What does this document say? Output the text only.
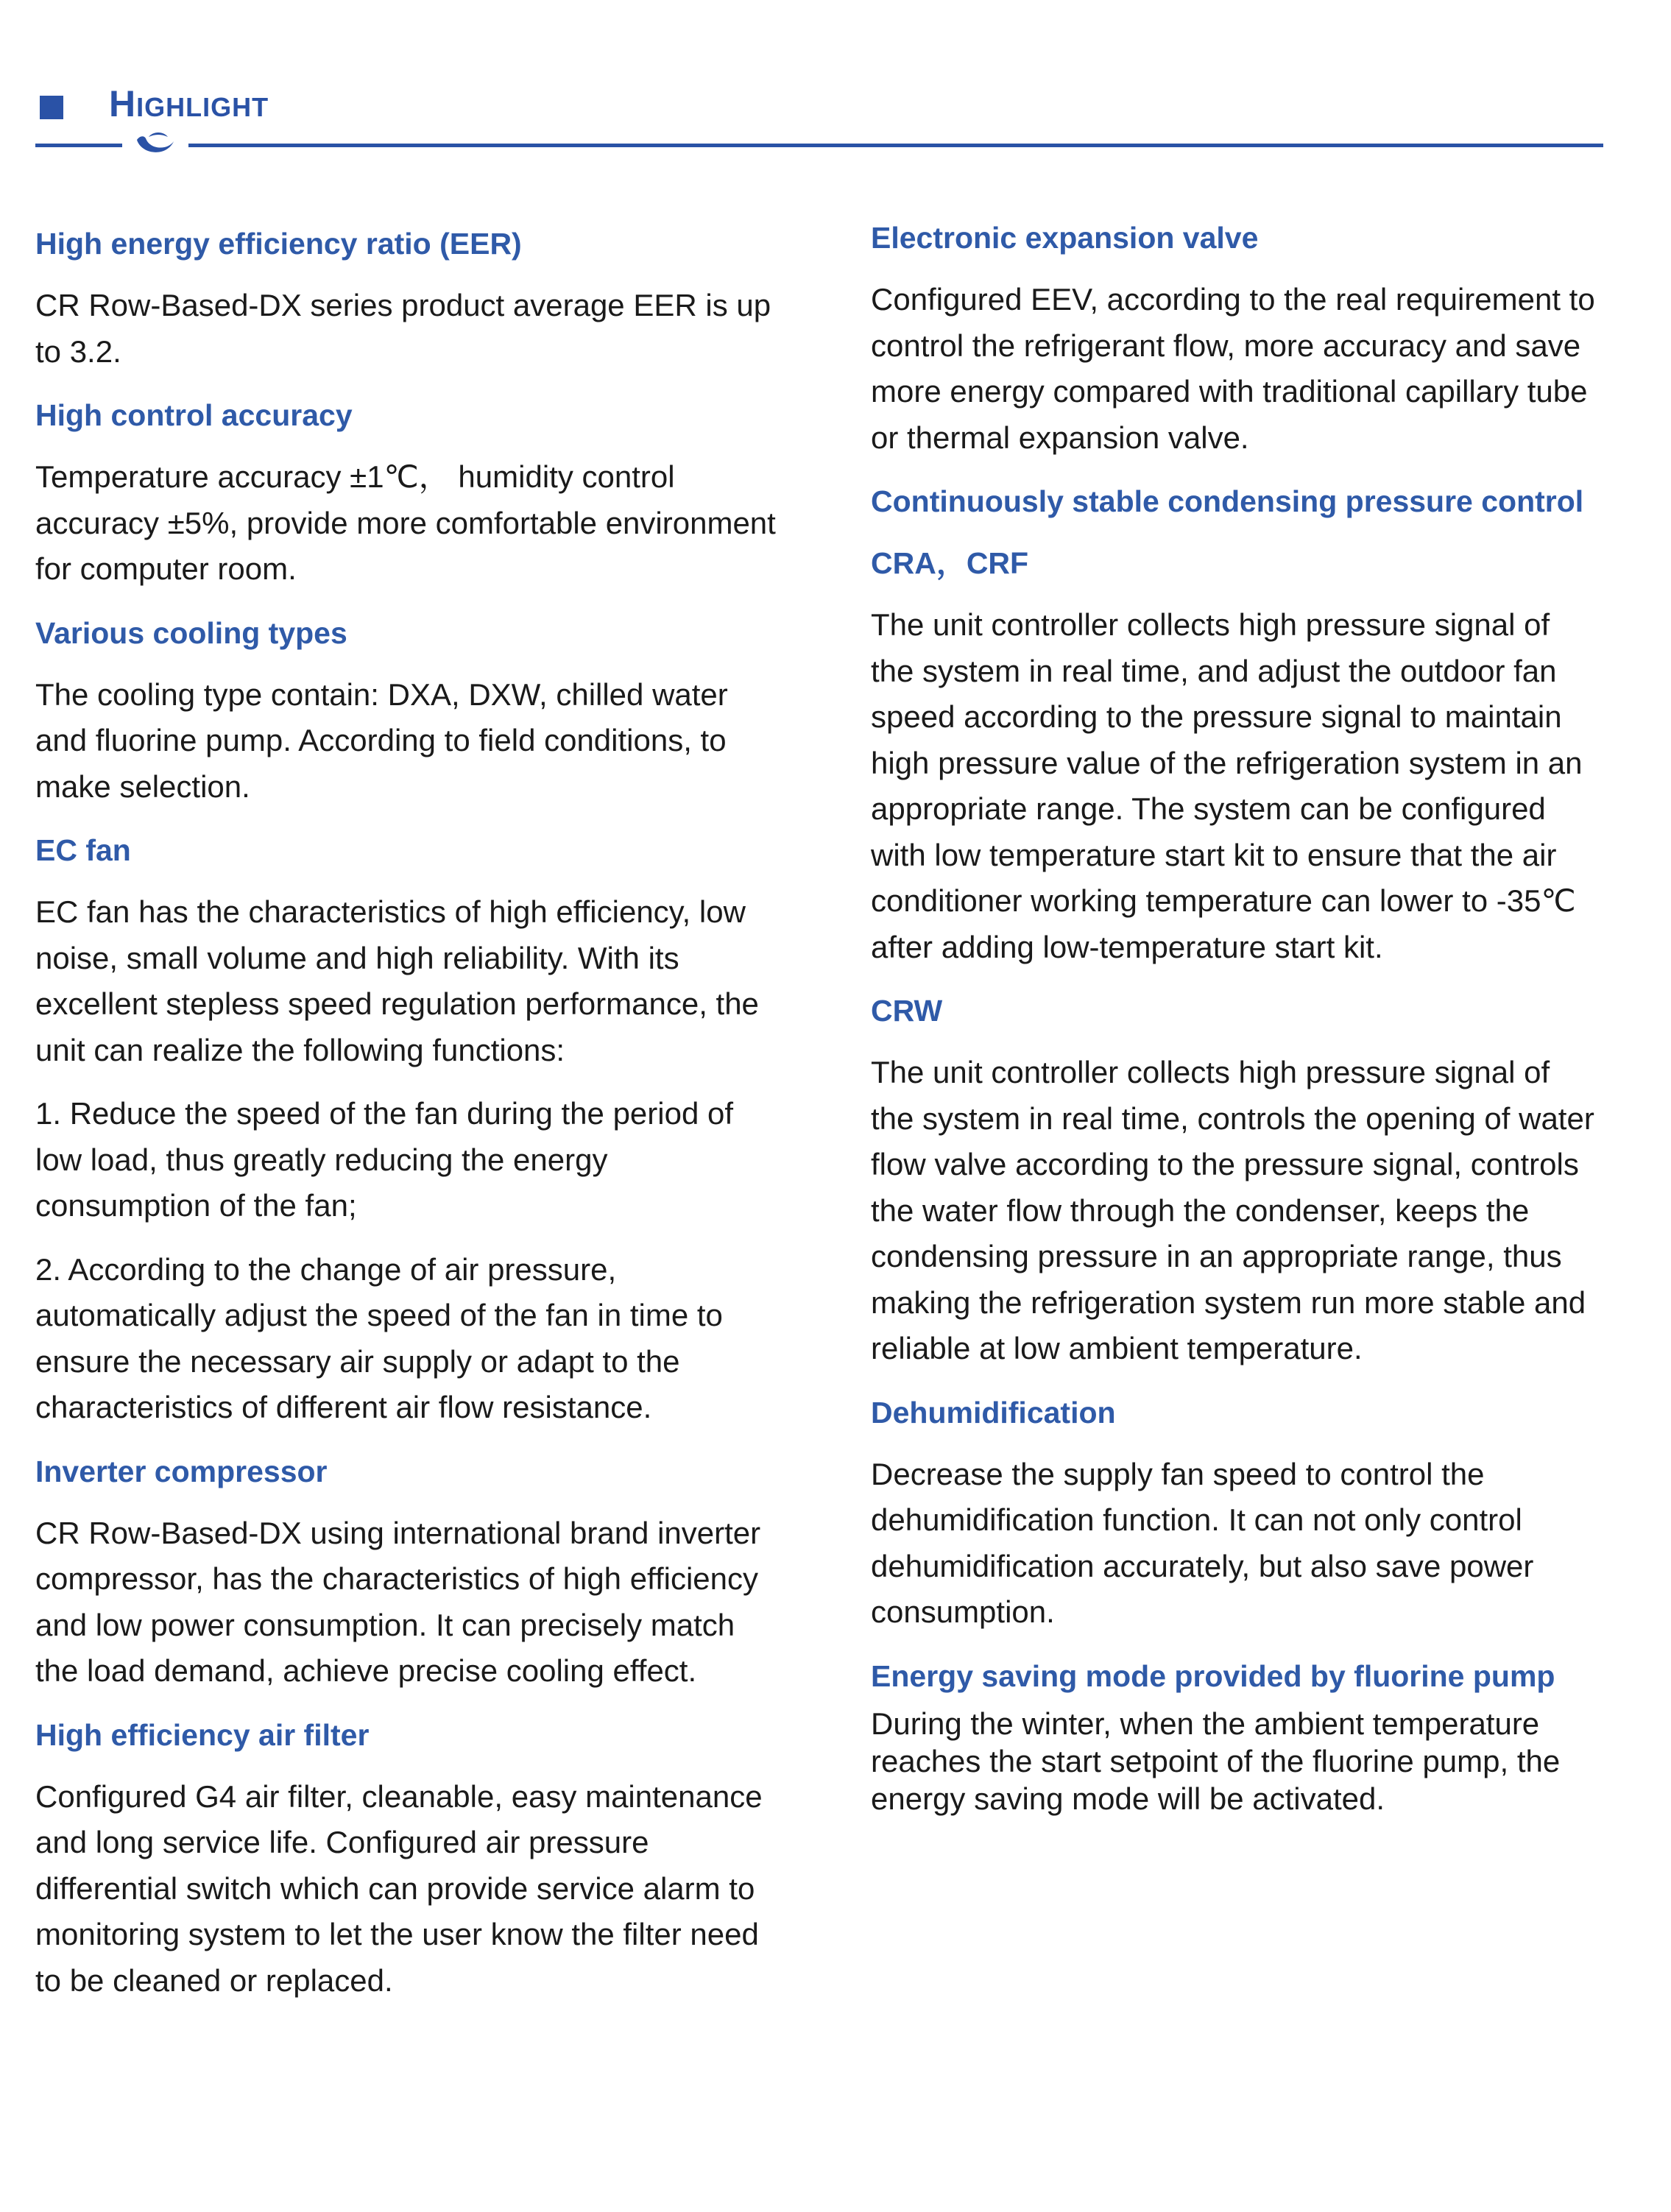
HIGHLIGHT
High energy efficiency ratio (EER)
CR Row-Based-DX series product average EER is up to 3.2.
High control accuracy
Temperature accuracy ±1℃， humidity control accuracy ±5%, provide more comfortable environment for computer room.
Various cooling types
The cooling type contain: DXA, DXW, chilled water and fluorine pump. According to field conditions, to make selection.
EC fan
EC fan has the characteristics of high efficiency, low noise, small volume and high reliability. With its excellent stepless speed regulation performance, the unit can realize the following functions:
1. Reduce the speed of the fan during the period of low load, thus greatly reducing the energy consumption of the fan;
2. According to the change of air pressure, automatically adjust the speed of the fan in time to ensure the necessary air supply or adapt to the characteristics of different air flow resistance.
Inverter compressor
CR Row-Based-DX using international brand inverter compressor, has the characteristics of high efficiency and low power consumption. It can precisely match the load demand, achieve precise cooling effect.
High efficiency air filter
Configured G4 air filter, cleanable, easy maintenance and long service life. Configured air pressure differential switch which can provide service alarm to monitoring system to let the user know the filter need to be cleaned or replaced.
Electronic expansion valve
Configured EEV, according to the real requirement to control the refrigerant flow, more accuracy and save more energy compared with traditional capillary tube or thermal expansion valve.
Continuously stable condensing pressure control
CRA，CRF
The unit controller collects high pressure signal of the system in real time, and adjust the outdoor fan speed according to the pressure signal to maintain high pressure value of the refrigeration system in an appropriate range. The system can be configured with low temperature start kit to ensure that the air conditioner working temperature can lower to -35℃ after adding low-temperature start kit.
CRW
The unit controller collects high pressure signal of the system in real time, controls the opening of water flow valve according to the pressure signal, controls the water flow through the condenser, keeps the condensing pressure in an appropriate range, thus making the refrigeration system run more stable and reliable at low ambient temperature.
Dehumidification
Decrease the supply fan speed to control the dehumidification function. It can not only control dehumidification accurately, but also save power consumption.
Energy saving mode provided by fluorine pump
During the winter, when the ambient temperature reaches the start setpoint of the fluorine pump, the energy saving mode will be activated.
